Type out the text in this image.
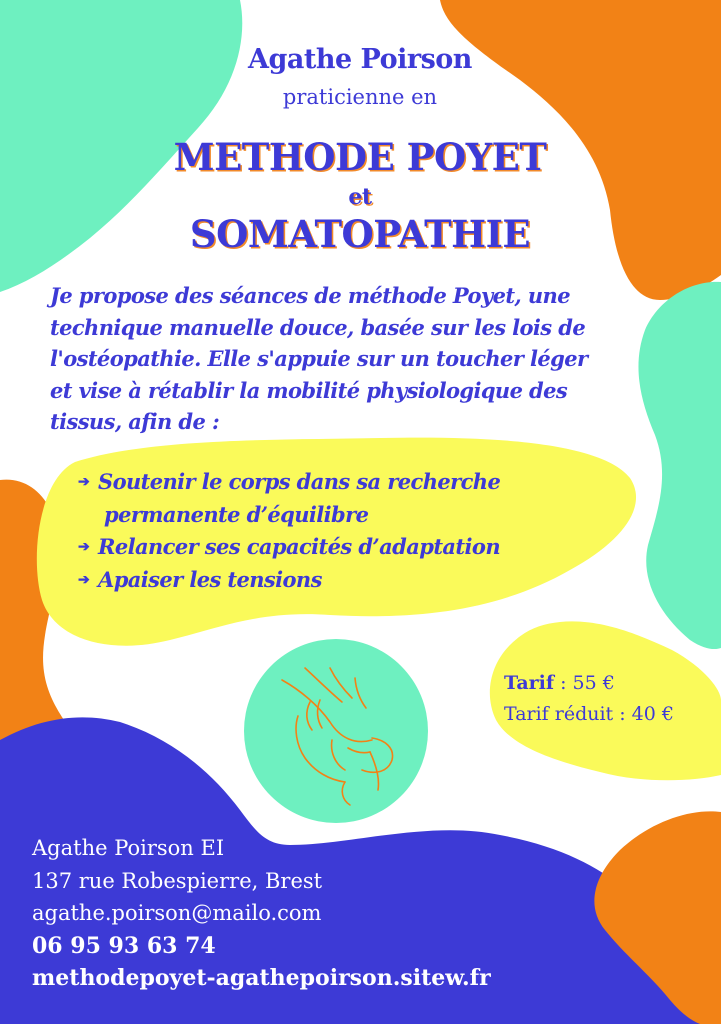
Agathe Poirson
praticienne en
METHODE POYET
et
SOMATOPATHIE
Je propose des séances de méthode Poyet, une
technique manuelle douce, basée sur les lois de
l'ostéopathie. Elle s'appuie sur un toucher léger
et vise à rétablir la mobilité physiologique des
tissus, afin de :
➔ Soutenir le corps dans sa recherche
permanente d’équilibre
➔ Relancer ses capacités d’adaptation
➔ Apaiser les tensions
Tarif : 55 €
Tarif réduit : 40 €
Agathe Poirson EI
137 rue Robespierre, Brest
agathe.poirson@mailo.com
06 95 93 63 74
methodepoyet-agathepoirson.sitew.fr
